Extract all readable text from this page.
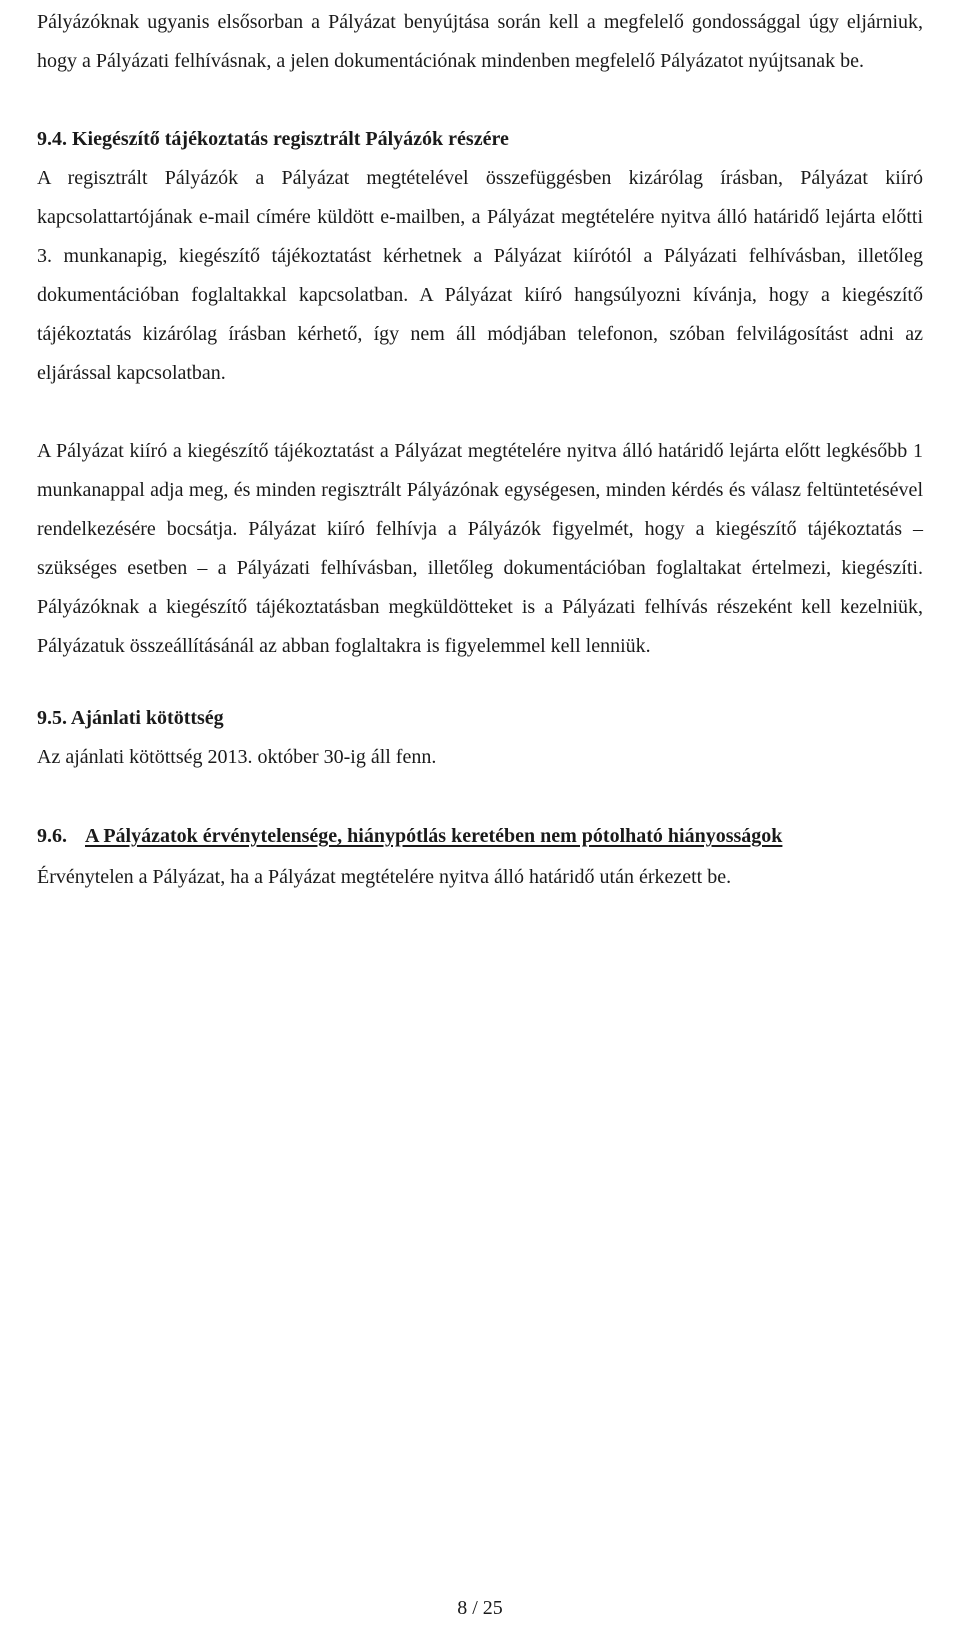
Pályázóknak ugyanis elsősorban a Pályázat benyújtása során kell a megfelelő gondossággal úgy eljárniuk, hogy a Pályázati felhívásnak, a jelen dokumentációnak mindenben megfelelő Pályázatot nyújtsanak be.

9.4. Kiegészítő tájékoztatás regisztrált Pályázók részére

A regisztrált Pályázók a Pályázat megtételével összefüggésben kizárólag írásban, Pályázat kiíró kapcsolattartójának e-mail címére küldött e-mailben, a Pályázat megtételére nyitva álló határidő lejárta előtti 3. munkanapig, kiegészítő tájékoztatást kérhetnek a Pályázat kiírótól a Pályázati felhívásban, illetőleg dokumentációban foglaltakkal kapcsolatban. A Pályázat kiíró hangsúlyozni kívánja, hogy a kiegészítő tájékoztatás kizárólag írásban kérhető, így nem áll módjában telefonon, szóban felvilágosítást adni az eljárással kapcsolatban.

A Pályázat kiíró a kiegészítő tájékoztatást a Pályázat megtételére nyitva álló határidő lejárta előtt legkésőbb 1 munkanappal adja meg, és minden regisztrált Pályázónak egységesen, minden kérdés és válasz feltüntetésével rendelkezésére bocsátja. Pályázat kiíró felhívja a Pályázók figyelmét, hogy a kiegészítő tájékoztatás – szükséges esetben – a Pályázati felhívásban, illetőleg dokumentációban foglaltakat értelmezi, kiegészíti. Pályázóknak a kiegészítő tájékoztatásban megküldötteket is a Pályázati felhívás részeként kell kezelniük, Pályázatuk összeállításánál az abban foglaltakra is figyelemmel kell lenniük.

9.5. Ajánlati kötöttség

Az ajánlati kötöttség 2013. október 30-ig áll fenn.

9.6. A Pályázatok érvénytelensége, hiánypótlás keretében nem pótolható hiányosságok

Érvénytelen a Pályázat, ha a Pályázat megtételére nyitva álló határidő után érkezett be.

8 / 25
